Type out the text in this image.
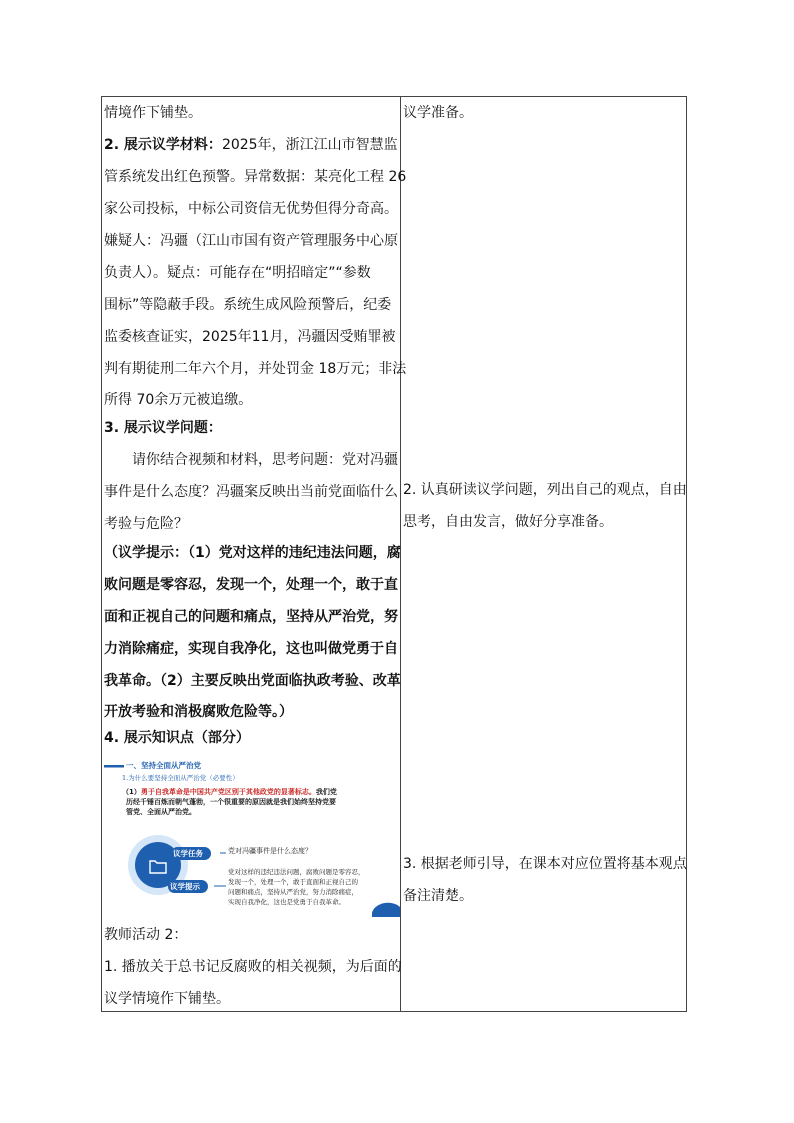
情境作下铺垫。
2. 展示议学材料：2025年，浙江江山市智慧监
管系统发出红色预警。异常数据：某亮化工程 26
家公司投标，中标公司资信无优势但得分奇高。
嫌疑人：冯疆（江山市国有资产管理服务中心原
负责人）。疑点：可能存在“明招暗定”“参数
围标”等隐蔽手段。系统生成风险预警后，纪委
监委核查证实，2025年11月，冯疆因受贿罪被
判有期徒刑二年六个月，并处罚金 18万元；非法
所得 70余万元被追缴。
3. 展示议学问题：
请你结合视频和材料，思考问题：党对冯疆
事件是什么态度？冯疆案反映出当前党面临什么
考验与危险？
（议学提示：（1）党对这样的违纪违法问题，腐
败问题是零容忍，发现一个，处理一个，敢于直
面和正视自己的问题和痛点，坚持从严治党，努
力消除痛症，实现自我净化，这也叫做党勇于自
我革命。（2）主要反映出党面临执政考验、改革
开放考验和消极腐败危险等。）
4. 展示知识点（部分）
一、坚持全面从严治党
1.为什么要坚持全面从严治党（必要性）
（1）勇于自我革命是中国共产党区别于其他政党的显著标志。我们党
历经千锤百炼而朝气蓬勃，一个很重要的原因就是我们始终坚持党要
管党、全面从严治党。
议学任务	党对冯疆事件是什么态度？
议学提示
党对这样的违纪违法问题，腐败问题是零容忍，
发现一个，处理一个，敢于直面和正视自己的
问题和痛点，坚持从严治党，努力消除痛症，
实现自我净化，这也是党勇于自我革命。
教师活动 2：
1. 播放关于总书记反腐败的相关视频，为后面的
议学情境作下铺垫。
议学准备。
2. 认真研读议学问题，列出自己的观点，自由
思考，自由发言，做好分享准备。
3. 根据老师引导，在课本对应位置将基本观点
备注清楚。
